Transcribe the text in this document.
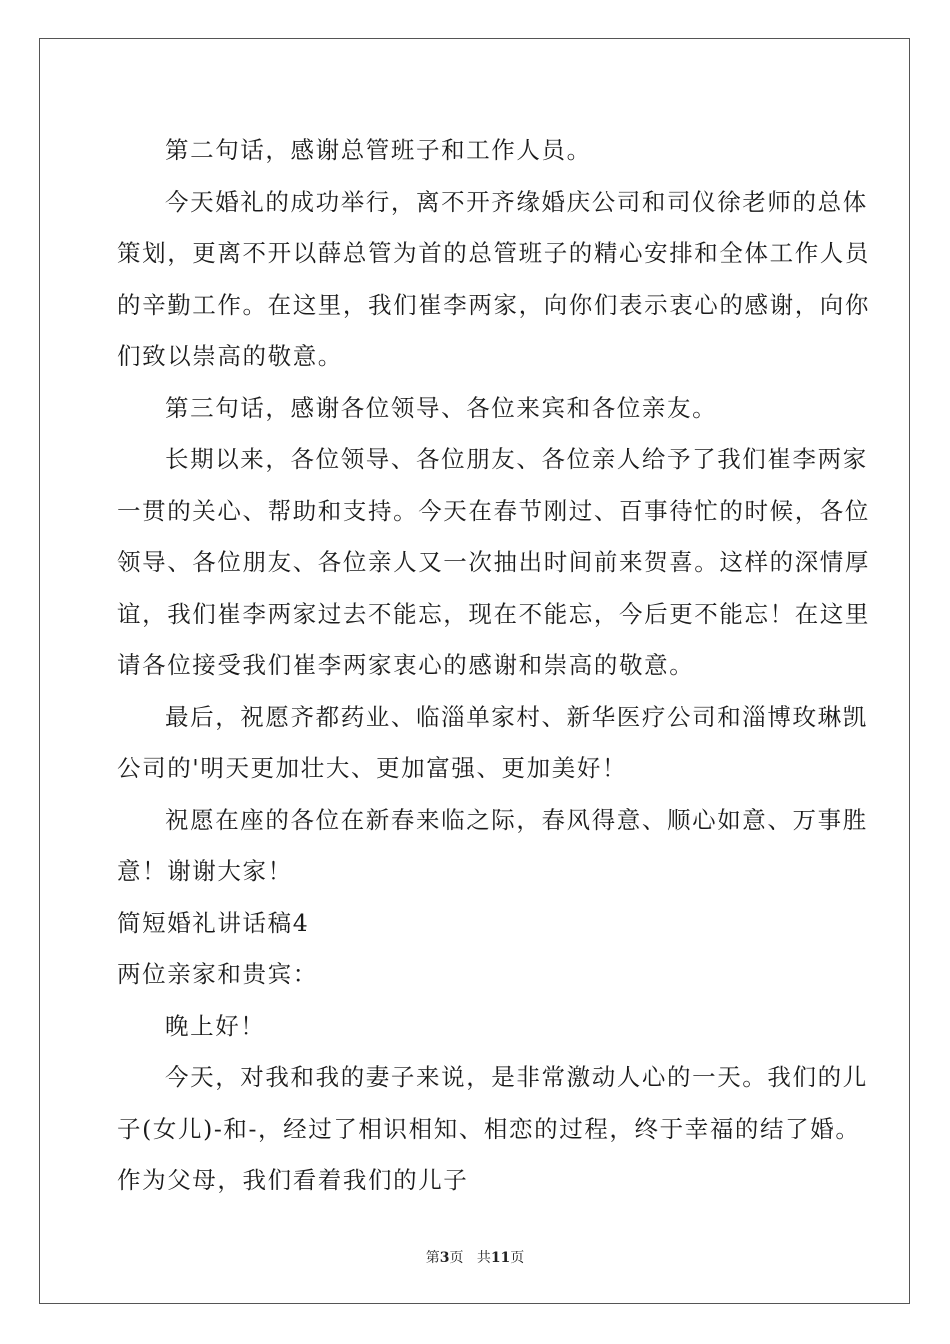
第二句话，感谢总管班子和工作人员。

今天婚礼的成功举行，离不开齐缘婚庆公司和司仪徐老师的总体
策划，更离不开以薛总管为首的总管班子的精心安排和全体工作人员
的辛勤工作。在这里，我们崔李两家，向你们表示衷心的感谢，向你
们致以崇高的敬意。

第三句话，感谢各位领导、各位来宾和各位亲友。

长期以来，各位领导、各位朋友、各位亲人给予了我们崔李两家
一贯的关心、帮助和支持。今天在春节刚过、百事待忙的时候，各位
领导、各位朋友、各位亲人又一次抽出时间前来贺喜。这样的深情厚
谊，我们崔李两家过去不能忘，现在不能忘，今后更不能忘！在这里
请各位接受我们崔李两家衷心的感谢和崇高的敬意。

最后，祝愿齐都药业、临淄单家村、新华医疗公司和淄博玫琳凯
公司的'明天更加壮大、更加富强、更加美好！

祝愿在座的各位在新春来临之际，春风得意、顺心如意、万事胜
意！谢谢大家！

简短婚礼讲话稿4

两位亲家和贵宾：

晚上好！

今天，对我和我的妻子来说，是非常激动人心的一天。我们的儿
子(女儿)-和-，经过了相识相知、相恋的过程，终于幸福的结了婚。
作为父母，我们看着我们的儿子

第3页 共11页
